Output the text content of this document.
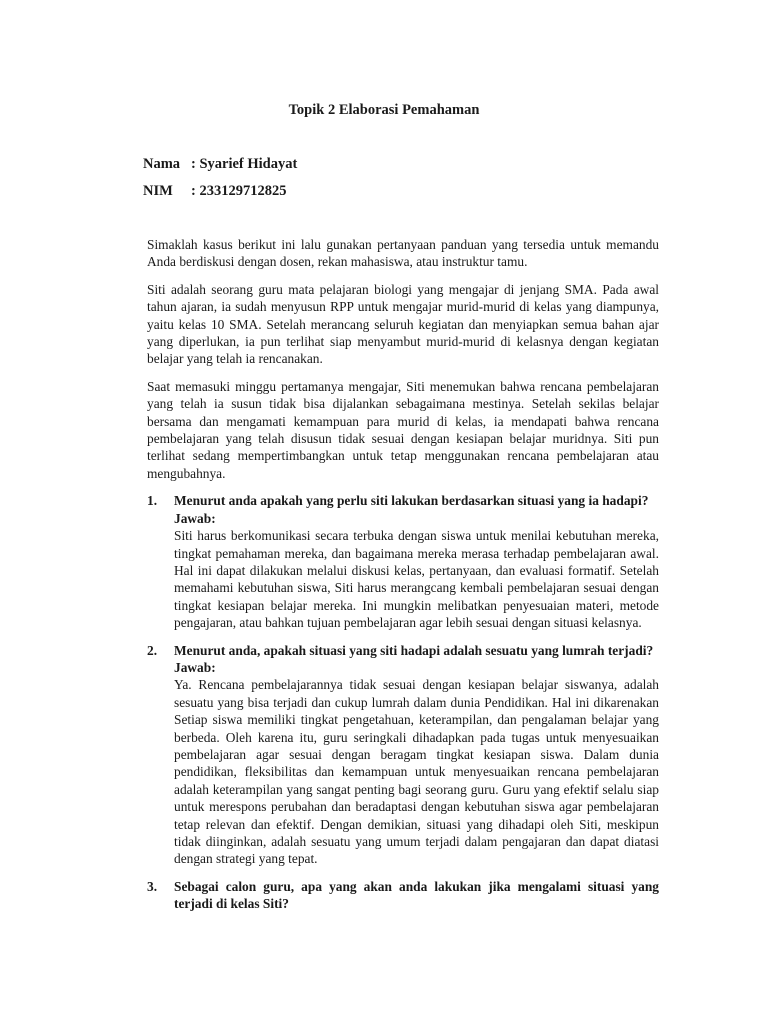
Topik 2 Elaborasi Pemahaman
Nama : Syarief Hidayat
NIM : 233129712825

Simaklah kasus berikut ini lalu gunakan pertanyaan panduan yang tersedia untuk memandu Anda berdiskusi dengan dosen, rekan mahasiswa, atau instruktur tamu.

Siti adalah seorang guru mata pelajaran biologi yang mengajar di jenjang SMA. Pada awal tahun ajaran, ia sudah menyusun RPP untuk mengajar murid-murid di kelas yang diampunya, yaitu kelas 10 SMA. Setelah merancang seluruh kegiatan dan menyiapkan semua bahan ajar yang diperlukan, ia pun terlihat siap menyambut murid-murid di kelasnya dengan kegiatan belajar yang telah ia rencanakan.

Saat memasuki minggu pertamanya mengajar, Siti menemukan bahwa rencana pembelajaran yang telah ia susun tidak bisa dijalankan sebagaimana mestinya. Setelah sekilas belajar bersama dan mengamati kemampuan para murid di kelas, ia mendapati bahwa rencana pembelajaran yang telah disusun tidak sesuai dengan kesiapan belajar muridnya. Siti pun terlihat sedang mempertimbangkan untuk tetap menggunakan rencana pembelajaran atau mengubahnya.

1. Menurut anda apakah yang perlu siti lakukan berdasarkan situasi yang ia hadapi?
Jawab:

Siti harus berkomunikasi secara terbuka dengan siswa untuk menilai kebutuhan mereka, tingkat pemahaman mereka, dan bagaimana mereka merasa terhadap pembelajaran awal. Hal ini dapat dilakukan melalui diskusi kelas, pertanyaan, dan evaluasi formatif. Setelah memahami kebutuhan siswa, Siti harus merangcang kembali pembelajaran sesuai dengan tingkat kesiapan belajar mereka. Ini mungkin melibatkan penyesuaian materi, metode pengajaran, atau bahkan tujuan pembelajaran agar lebih sesuai dengan situasi kelasnya.

2. Menurut anda, apakah situasi yang siti hadapi adalah sesuatu yang lumrah terjadi?
Jawab:

Ya. Rencana pembelajarannya tidak sesuai dengan kesiapan belajar siswanya, adalah sesuatu yang bisa terjadi dan cukup lumrah dalam dunia Pendidikan. Hal ini dikarenakan Setiap siswa memiliki tingkat pengetahuan, keterampilan, dan pengalaman belajar yang berbeda. Oleh karena itu, guru seringkali dihadapkan pada tugas untuk menyesuaikan pembelajaran agar sesuai dengan beragam tingkat kesiapan siswa. Dalam dunia pendidikan, fleksibilitas dan kemampuan untuk menyesuaikan rencana pembelajaran adalah keterampilan yang sangat penting bagi seorang guru. Guru yang efektif selalu siap untuk merespons perubahan dan beradaptasi dengan kebutuhan siswa agar pembelajaran tetap relevan dan efektif. Dengan demikian, situasi yang dihadapi oleh Siti, meskipun tidak diinginkan, adalah sesuatu yang umum terjadi dalam pengajaran dan dapat diatasi dengan strategi yang tepat.

3. Sebagai calon guru, apa yang akan anda lakukan jika mengalami situasi yang terjadi di kelas Siti?
